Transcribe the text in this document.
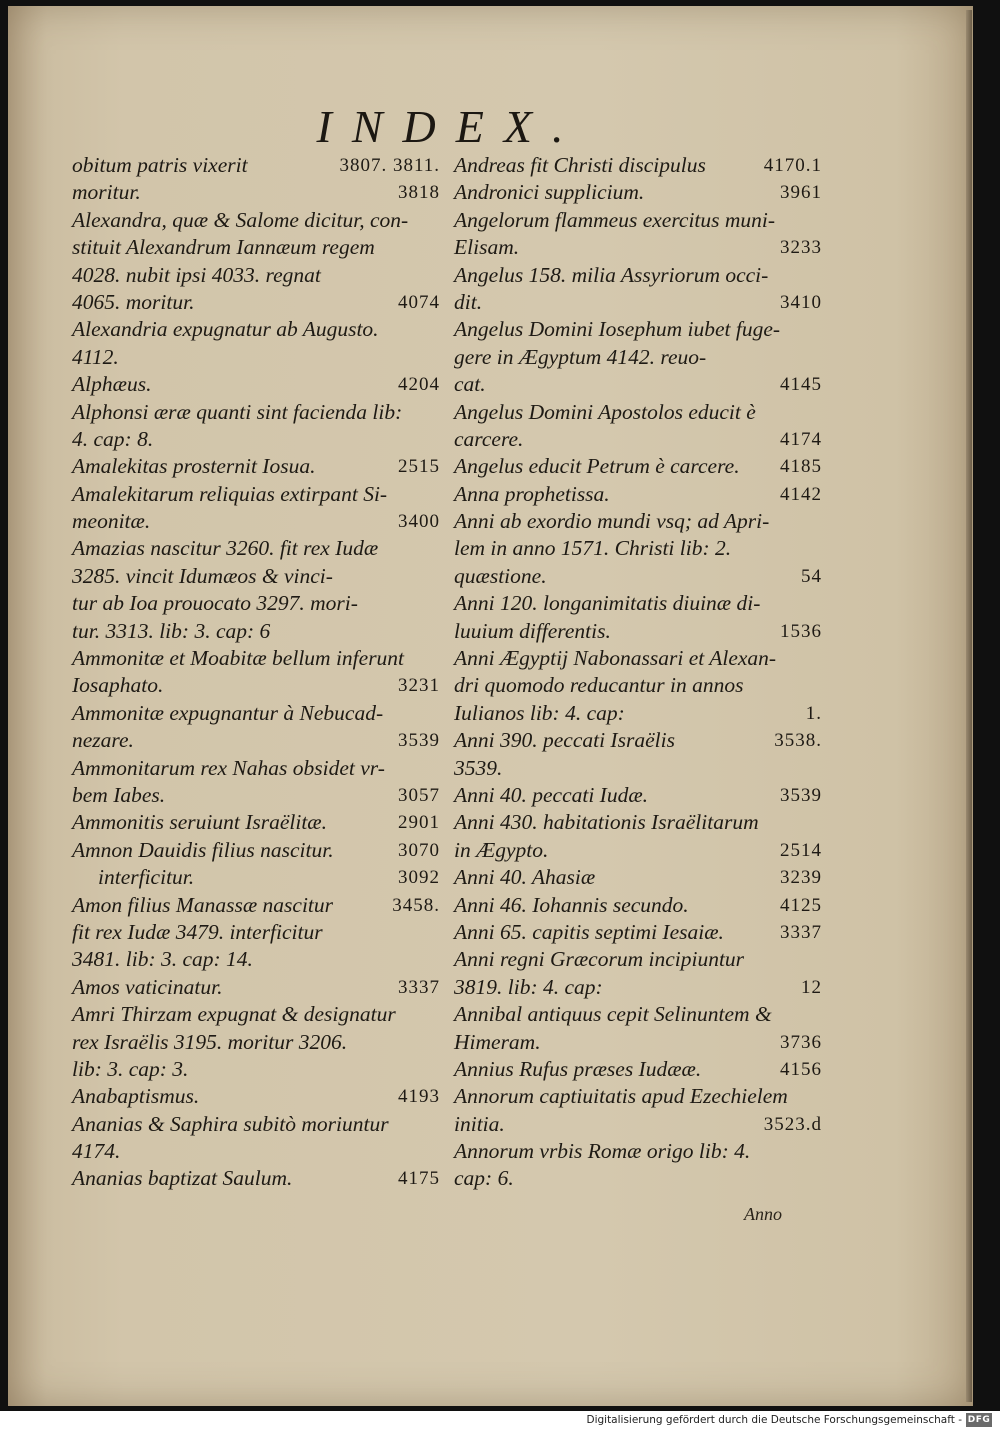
INDEX.
obitum patris vixerit	3807. 3811.
moritur.	3818
Alexandra, quæ & Salome dicitur, con-
stituit Alexandrum Iannæum regem
4028. nubit ipsi 4033. regnat
4065. moritur.	4074
Alexandria expugnatur ab Augusto.
4112.
Alphæus.	4204
Alphonsi æræ quanti sint facienda lib:
4. cap: 8.
Amalekitas prosternit Iosua.	2515
Amalekitarum reliquias extirpant Si-
meonitæ.	3400
Amazias nascitur 3260. fit rex Iudæ
3285. vincit Idumæos & vinci-
tur ab Ioa prouocato 3297. mori-
tur. 3313. lib: 3. cap: 6
Ammonitæ et Moabitæ bellum inferunt
Iosaphato.	3231
Ammonitæ expugnantur à Nebucad-
nezare.	3539
Ammonitarum rex Nahas obsidet vr-
bem Iabes.	3057
Ammonitis seruiunt Israëlitæ.	2901
Amnon Dauidis filius nascitur.	3070
interficitur.	3092
Amon filius Manassæ nascitur	3458.
fit rex Iudæ 3479. interficitur
3481. lib: 3. cap: 14.
Amos vaticinatur.	3337
Amri Thirzam expugnat & designatur
rex Israëlis 3195. moritur 3206.
lib: 3. cap: 3.
Anabaptismus.	4193
Ananias & Saphira subitò moriuntur
4174.
Ananias baptizat Saulum.	4175
Andreas fit Christi discipulus	4170.1
Andronici supplicium.	3961
Angelorum flammeus exercitus muni-
Elisam.	3233
Angelus 158. milia Assyriorum occi-
dit.	3410
Angelus Domini Iosephum iubet fuge-
gere in Ægyptum 4142. reuo-
cat.	4145
Angelus Domini Apostolos educit è
carcere.	4174
Angelus educit Petrum è carcere. 4185
Anna prophetissa.	4142
Anni ab exordio mundi vsq; ad Apri-
lem in anno 1571. Christi lib: 2.
quæstione.	54
Anni 120. longanimitatis diuinæ di-
luuium differentis.	1536
Anni Ægyptij Nabonassari et Alexan-
dri quomodo reducantur in annos
Iulianos lib: 4. cap:	1.
Anni 390. peccati Israëlis	3538.
3539.
Anni 40. peccati Iudæ.	3539
Anni 430. habitationis Israëlitarum
in Ægypto.	2514
Anni 40. Ahasiæ	3239
Anni 46. Iohannis secundo.	4125
Anni 65. capitis septimi Iesaiæ.	3337
Anni regni Græcorum incipiuntur
3819. lib: 4. cap:	12
Annibal antiquus cepit Selinuntem &
Himeram.	3736
Annius Rufus præses Iudææ.	4156
Annorum captiuitatis apud Ezechielem
initia.	3523.d
Annorum vrbis Romæ origo lib: 4.
cap: 6.
Anno
Digitalisierung gefördert durch die Deutsche Forschungsgemeinschaft - DFG
